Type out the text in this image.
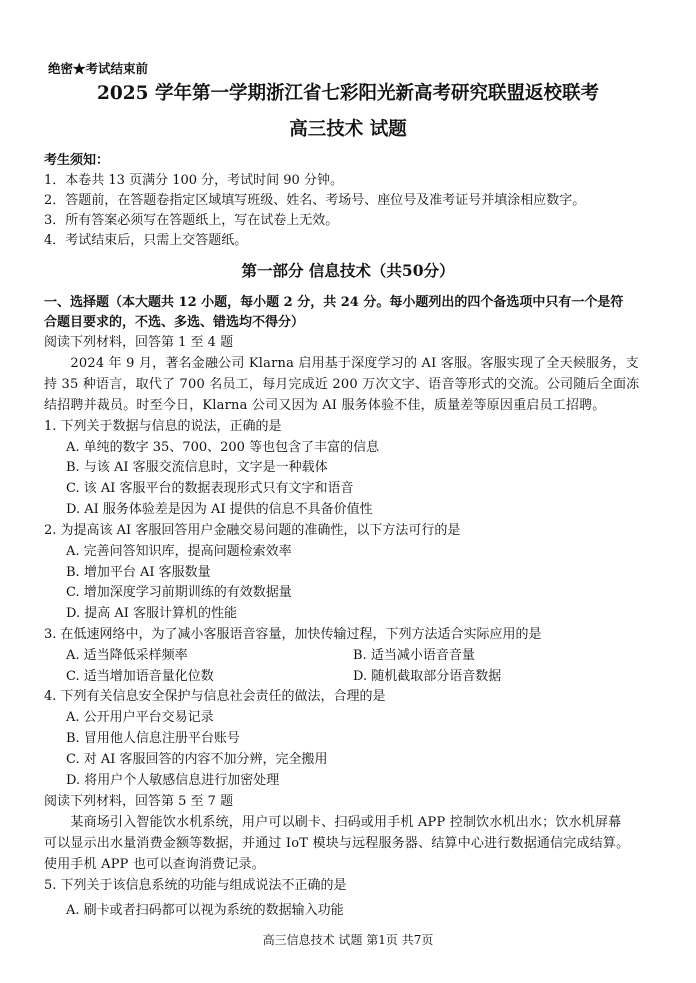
绝密★考试结束前
2025 学年第一学期浙江省七彩阳光新高考研究联盟返校联考
高三技术 试题
考生须知：
1．本卷共 13 页满分 100 分，考试时间 90 分钟。
2．答题前，在答题卷指定区域填写班级、姓名、考场号、座位号及准考证号并填涂相应数字。
3．所有答案必须写在答题纸上，写在试卷上无效。
4．考试结束后，只需上交答题纸。
第一部分 信息技术（共50分）
一、选择题（本大题共 12 小题，每小题 2 分，共 24 分。每小题列出的四个备选项中只有一个是符
合题目要求的，不选、多选、错选均不得分）
阅读下列材料，回答第 1 至 4 题
　　2024 年 9 月，著名金融公司 Klarna 启用基于深度学习的 AI 客服。客服实现了全天候服务，支
持 35 种语言，取代了 700 名员工，每月完成近 200 万次文字、语音等形式的交流。公司随后全面冻
结招聘并裁员。时至今日，Klarna 公司又因为 AI 服务体验不佳，质量差等原因重启员工招聘。
1. 下列关于数据与信息的说法，正确的是
A. 单纯的数字 35、700、200 等也包含了丰富的信息
B. 与该 AI 客服交流信息时，文字是一种载体
C. 该 AI 客服平台的数据表现形式只有文字和语音
D. AI 服务体验差是因为 AI 提供的信息不具备价值性
2. 为提高该 AI 客服回答用户金融交易问题的准确性，以下方法可行的是
A. 完善问答知识库，提高问题检索效率
B. 增加平台 AI 客服数量
C. 增加深度学习前期训练的有效数据量
D. 提高 AI 客服计算机的性能
3. 在低速网络中，为了减小客服语音容量，加快传输过程，下列方法适合实际应用的是
A. 适当降低采样频率	B. 适当减小语音音量
C. 适当增加语音量化位数	D. 随机截取部分语音数据
4. 下列有关信息安全保护与信息社会责任的做法，合理的是
A. 公开用户平台交易记录
B. 冒用他人信息注册平台账号
C. 对 AI 客服回答的内容不加分辨，完全搬用
D. 将用户个人敏感信息进行加密处理
阅读下列材料，回答第 5 至 7 题
　　某商场引入智能饮水机系统，用户可以刷卡、扫码或用手机 APP 控制饮水机出水；饮水机屏幕
可以显示出水量消费金额等数据，并通过 IoT 模块与远程服务器、结算中心进行数据通信完成结算。
使用手机 APP 也可以查询消费记录。
5. 下列关于该信息系统的功能与组成说法不正确的是
A. 刷卡或者扫码都可以视为系统的数据输入功能
高三信息技术 试题 第1页 共7页
